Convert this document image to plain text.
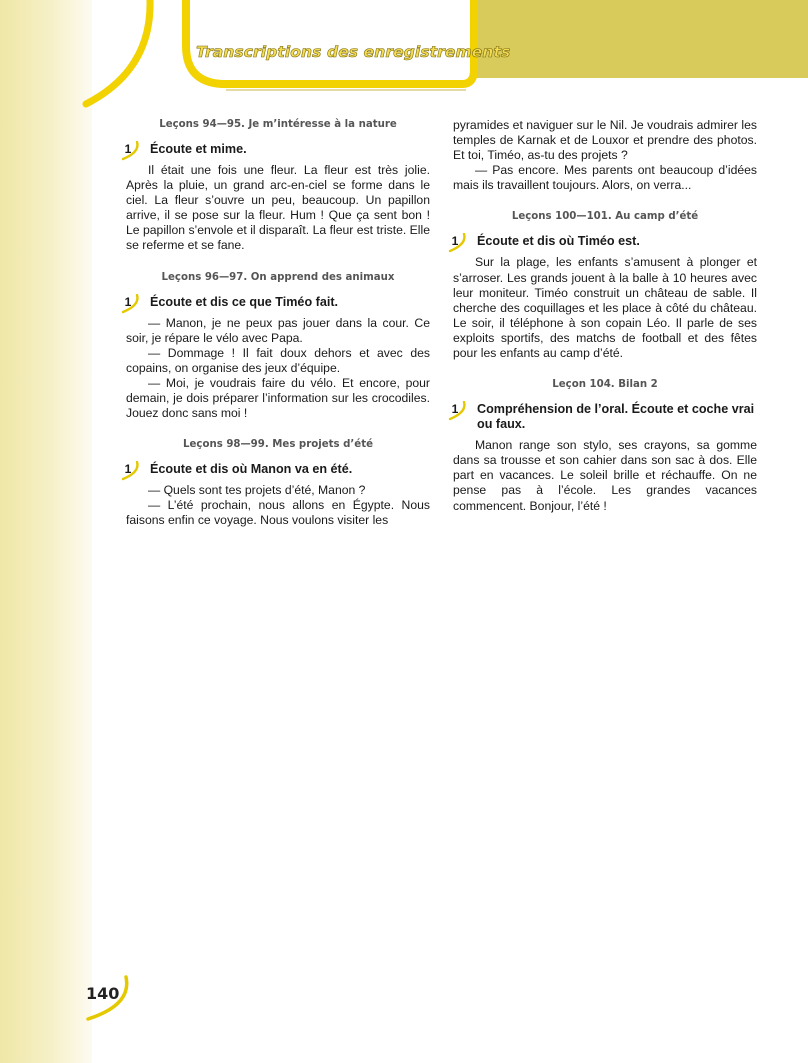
Transcriptions des enregistrements
Leçons 94—95. Je m’intéresse à la nature
1	Écoute et mime.

Il était une fois une fleur. La fleur est très jolie. Après la pluie, un grand arc-en-ciel se forme dans le ciel. La fleur s’ouvre un peu, beaucoup. Un papillon arrive, il se pose sur la fleur. Hum ! Que ça sent bon ! Le papillon s’envole et il disparaît. La fleur est triste. Elle se referme et se fane.

Leçons 96—97. On apprend des animaux
1	Écoute et dis ce que Timéo fait.

— Manon, je ne peux pas jouer dans la cour. Ce soir, je répare le vélo avec Papa.

— Dommage ! Il fait doux dehors et avec des copains, on organise des jeux d’équipe.

— Moi, je voudrais faire du vélo. Et encore, pour demain, je dois préparer l’information sur les crocodiles. Jouez donc sans moi !

Leçons 98—99. Mes projets d’été
1	Écoute et dis où Manon va en été.

— Quels sont tes projets d’été, Manon ?

— L’été prochain, nous allons en Égypte. Nous faisons enfin ce voyage. Nous voulons visiter les

pyramides et naviguer sur le Nil. Je voudrais admirer les temples de Karnak et de Louxor et prendre des photos. Et toi, Timéo, as-tu des projets ?

— Pas encore. Mes parents ont beaucoup d’idées mais ils travaillent toujours. Alors, on verra...

Leçons 100—101. Au camp d’été
1	Écoute et dis où Timéo est.

Sur la plage, les enfants s’amusent à plonger et s’arroser. Les grands jouent à la balle à 10 heures avec leur moniteur. Timéo construit un château de sable. Il cherche des coquillages et les place à côté du château. Le soir, il téléphone à son copain Léo. Il parle de ses exploits sportifs, des matchs de football et des fêtes pour les enfants au camp d’été.

Leçon 104. Bilan 2
1	Compréhension de l’oral. Écoute et coche vrai ou faux.

Manon range son stylo, ses crayons, sa gomme dans sa trousse et son cahier dans son sac à dos. Elle part en vacances. Le soleil brille et réchauffe. On ne pense pas à l’école. Les grandes vacances commencent. Bonjour, l’été !

140
